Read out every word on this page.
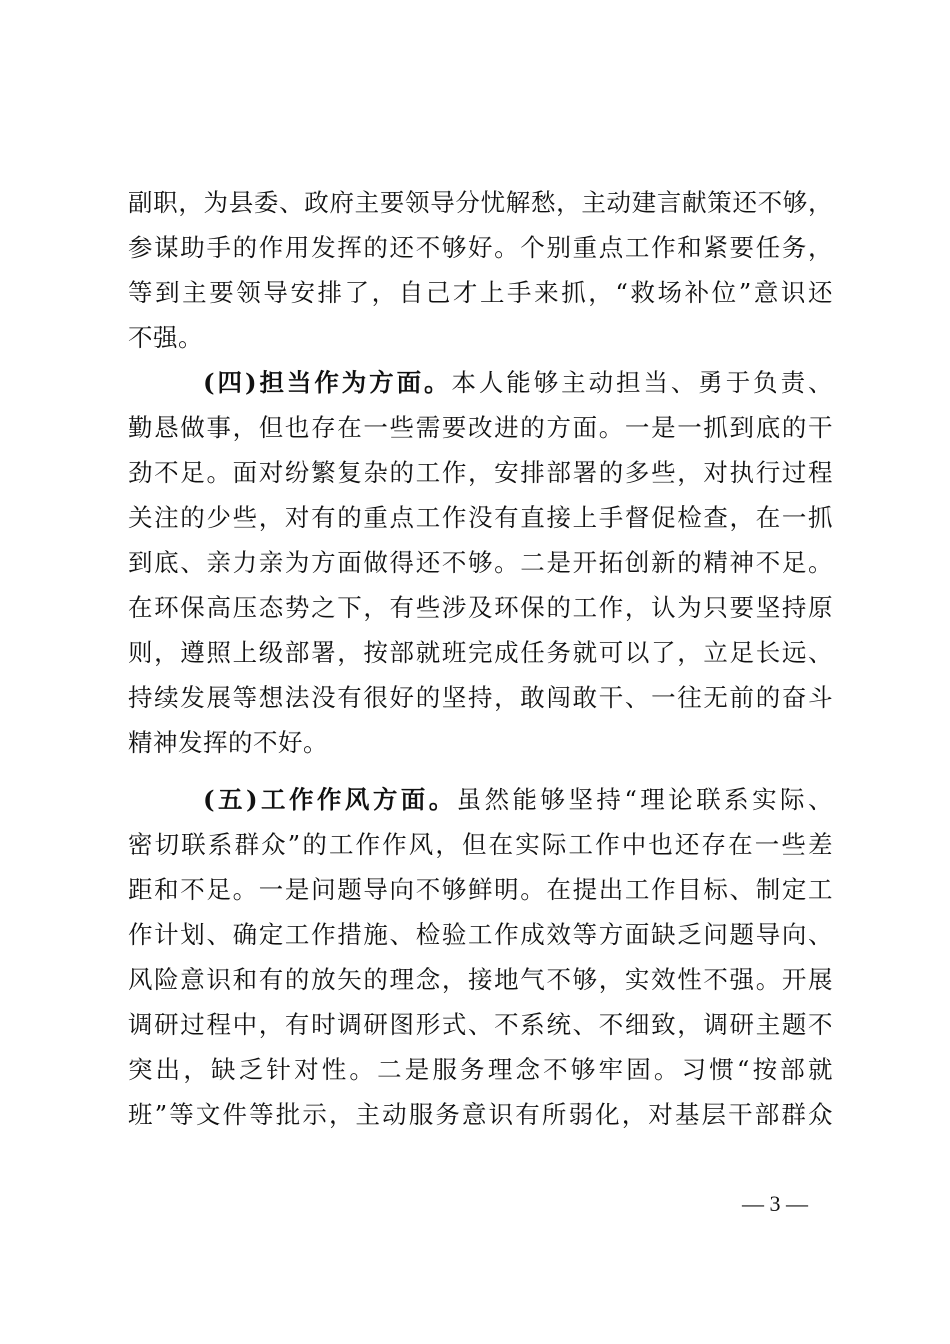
副职，为县委、政府主要领导分忧解愁，主动建言献策还不够，
参谋助手的作用发挥的还不够好。个别重点工作和紧要任务，
等到主要领导安排了，自己才上手来抓，“救场补位”意识还
不强。
(四)担当作为方面。本人能够主动担当、勇于负责、
勤恳做事，但也存在一些需要改进的方面。一是一抓到底的干
劲不足。面对纷繁复杂的工作，安排部署的多些，对执行过程
关注的少些，对有的重点工作没有直接上手督促检查，在一抓
到底、亲力亲为方面做得还不够。二是开拓创新的精神不足。
在环保高压态势之下，有些涉及环保的工作，认为只要坚持原
则，遵照上级部署，按部就班完成任务就可以了，立足长远、
持续发展等想法没有很好的坚持，敢闯敢干、一往无前的奋斗
精神发挥的不好。
(五)工作作风方面。虽然能够坚持“理论联系实际、
密切联系群众”的工作作风，但在实际工作中也还存在一些差
距和不足。一是问题导向不够鲜明。在提出工作目标、制定工
作计划、确定工作措施、检验工作成效等方面缺乏问题导向、
风险意识和有的放矢的理念，接地气不够，实效性不强。开展
调研过程中，有时调研图形式、不系统、不细致，调研主题不
突出，缺乏针对性。二是服务理念不够牢固。习惯“按部就
班”等文件等批示，主动服务意识有所弱化，对基层干部群众
— 3 —
